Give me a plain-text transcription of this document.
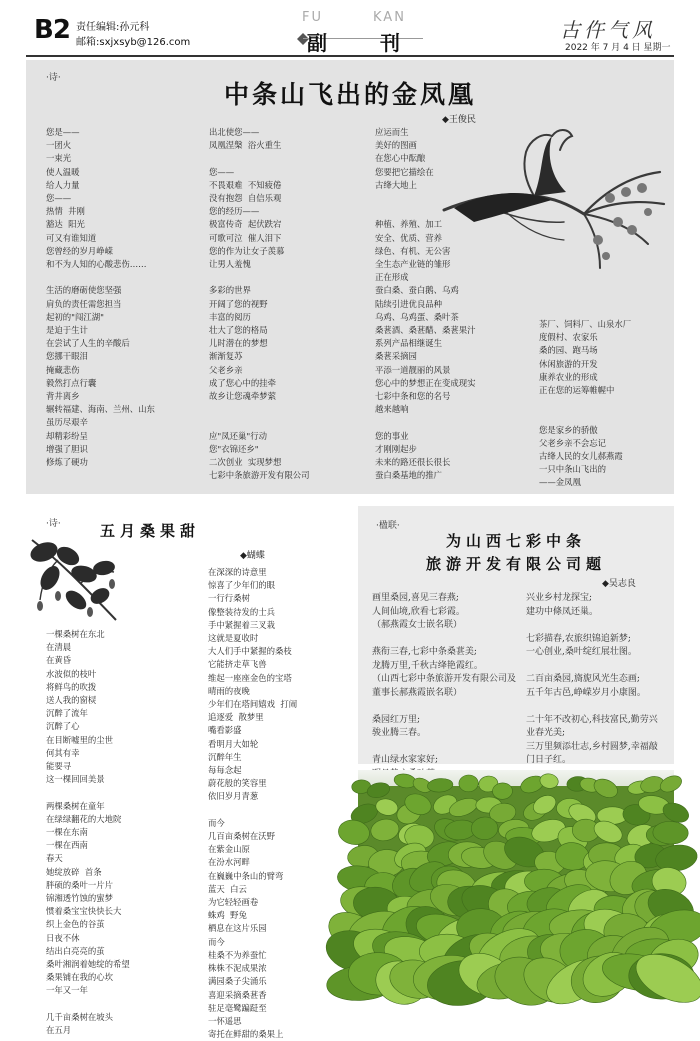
B2 责任编辑:孙元科
邮箱:sxjxsyb@126.com
FU	KAN
副	刊
古仵气风
2022 年 7 月 4 日 星期一
·诗·
中条山飞出的金凤凰
◆王俊民
您是——
一团火
一束光
使人温暖
给人力量
您——
热情  井刚
豁达  阳光
可又有谁知道
您曾经的岁月峥嵘
和不为人知的心酸悲伤……

生活的磨砺使您坚强
肩负的责任需您担当
起初的"闯江湖"
是迫于生计
在尝试了人生的辛酸后
您挪干眼泪
掩藏悲伤
毅然打点行囊
背井离乡
辗转福建、海南、兰州、山东
虽历尽艰辛
却精彩纷呈
增强了胆识
修炼了硬功
出北使您——
凤凰涅槃  浴火重生

您——
不畏艰难  不知疲倦
没有抱怨  自信乐观
您的经历——
极富传奇  起伏跌宕
可歌可泣  催人泪下
您的作为让女子羡慕
让男人羞愧

多彩的世界
开阔了您的视野
丰富的阅历
壮大了您的格局
儿时潜在的梦想
渐渐复苏
父老乡亲
成了您心中的挂牵
故乡让您魂牵梦萦

应"凤还巢"行动
您"衣锦还乡"
二次创业  实现梦想
七彩中条旅游开发有限公司
应运而生
美好的图画
在您心中酝酿
您要把它描绘在
古绛大地上

种植、养殖、加工
安全、优质、营养
绿色、有机、无公害
全生态产业链的雏形
正在形成
蚕白桑、蚕白鹅、乌鸡
陆续引进优良品种
乌鸡、乌鸡蛋、桑叶茶
桑葚酒、桑葚醋、桑葚果汁
系列产品相继诞生
桑葚采摘园
平添一道靓丽的风景
您心中的梦想正在变成现实
七彩中条和您的名号
越来越响

您的事业
才刚刚起步
未来的路还很长很长
蚕白桑基地的推广
茶厂、饲料厂、山泉水厂
度假村、农家乐
桑的园、跑马场
休闲旅游的开发
康养农业的形成
正在您的运筹帷幄中

您是家乡的骄傲
父老乡亲不会忘记
古绛人民的女儿郝燕霞
一只中条山飞出的
——金凤凰
·诗·	五月桑果甜
◆蝴蝶
一棵桑树在东北
在清晨
在黄昏
水波似的枝叶
将鲜鸟的吹拨
送人我的窗棂
沉醉了流年
沉醉了心
在目断嘘里的尘世
何其有幸
能要寻
这一棵回回美景

两棵桑树在童年
在绿绿翻花的大地院
一棵在东南
一棵在西南
春天
她绽放碎  首条
胖硕的桑叶一片片
锦湘透竹蚀的蜜梦
惯着桑宝宝快快长大
织上金色的谷茧
日夜不休
结出白亮亮的茧
桑叶湘润着她绽的希望
桑果铺在我的心坎
一年又一年

几千亩桑树在坡头
在五月
在深深的诗意里
惊喜了少年们的眼
一行行桑树
像整装待发的士兵
手中紧握着三叉栽
这就是夏收时
大人们手中紧握的桑枝
它能挤走草飞兽
维起一座座金色的宝塔
晴雨的夜晚
少年们在塔间嬉戏  打闹
追逐爱  散梦里
嘴看影盛
看明月大如轮
沉醉年生
每每念起
蔚花般的笑容里
依旧岁月青葱

而今
几百亩桑树在沃野
在紫金山原
在汾水河畔
在巍巍中条山的臂弯
蓝天  白云
为它轻轻画卷
蛛鸡  野兔
栖息在这片乐园
而今
桂桑不为养蚕忙
株株不泥成果浓
满园桑子尖涌乐
喜迎采摘桑葚香
驻足毫鹭蹁跹至
一怀遥思
寄托在鲜甜的桑果上
·楹联·
为山西七彩中条
旅游开发有限公司题
◆吴志良
画里桑园,喜见三春燕;
人间仙境,欣看七彩霞。
（郝燕霞女士嵌名联）

燕衔三春,七彩中条桑葚美;
龙腾万里,千秋古绛艳霞红。
（山西七彩中条旅游开发有限公司及
董事长郝燕霞嵌名联）

桑园红万里;
骏业腾三春。

青山绿水家家好;

兴业乡村龙探宝;
建功中條凤还巢。

七彩描春,农旅织锦追新梦;
一心创业,桑叶绽红展壮图。

二百亩桑园,旖旎风光生态画;
五千年古邑,峥嵘岁月小康图。

二十年不改初心,科技富民,勤劳兴
业春光美;
三万里频添壮志,乡村圆梦,幸福敲
门日子红。
